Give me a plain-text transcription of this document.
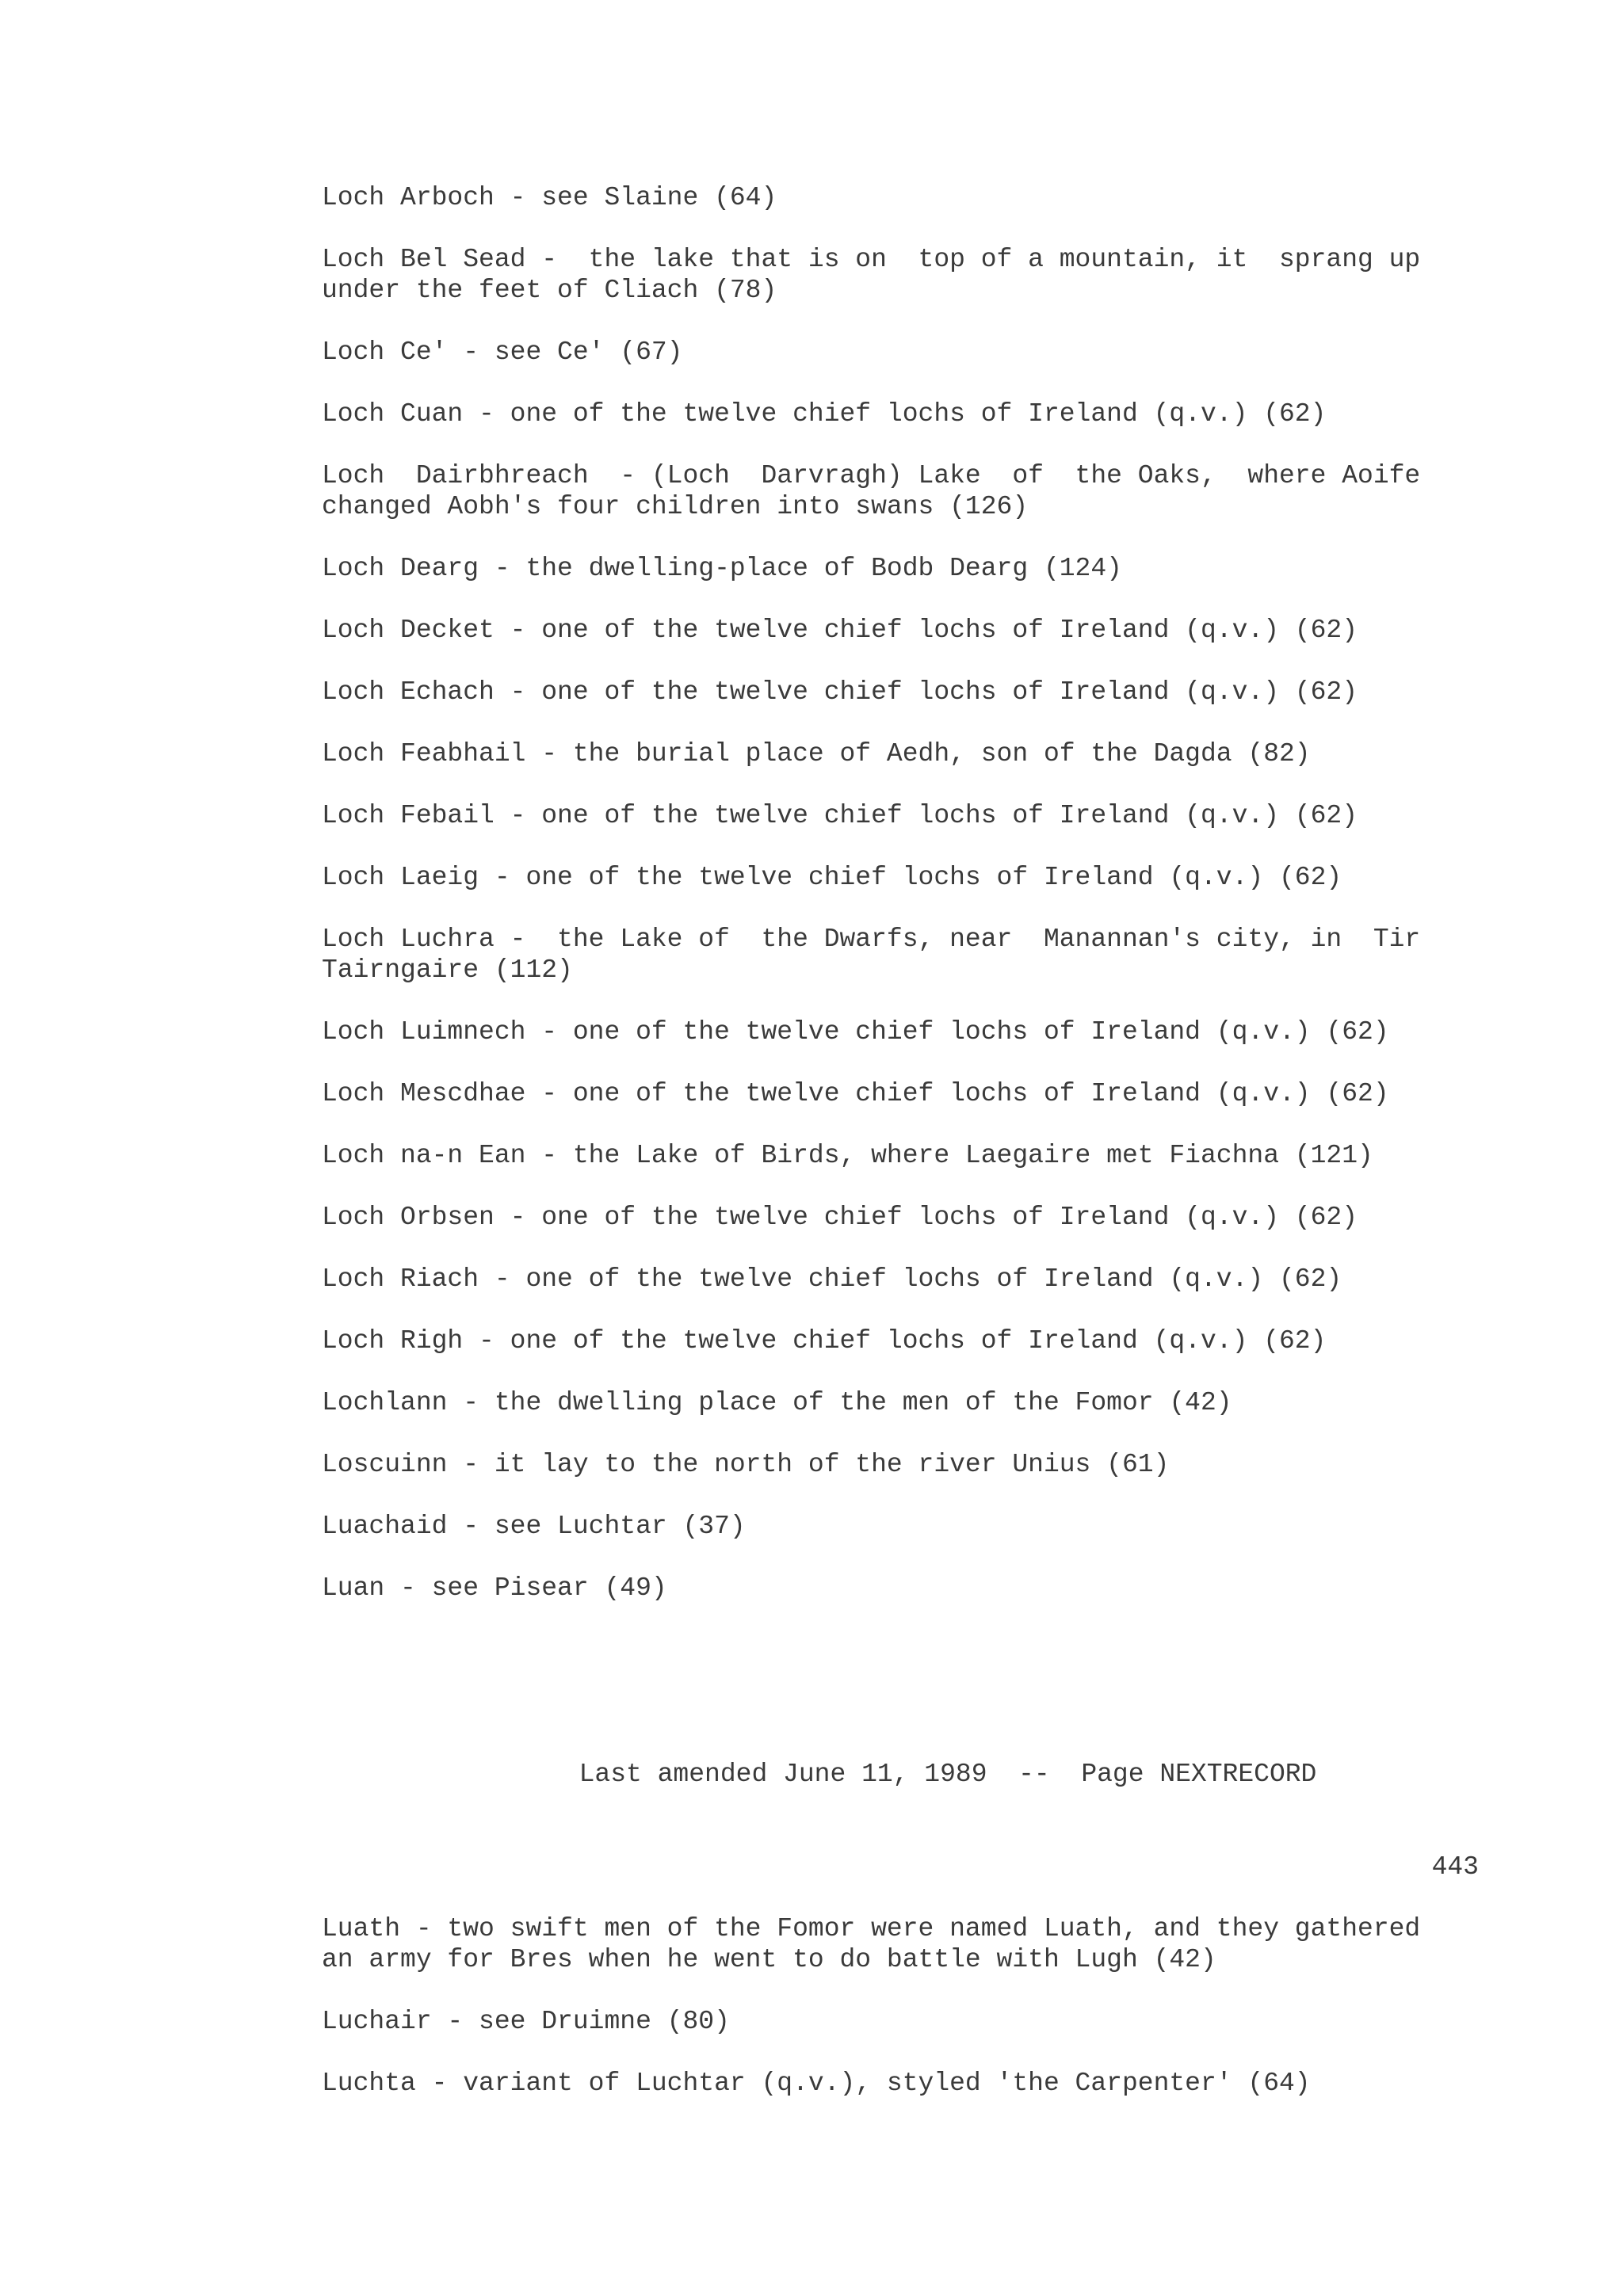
Loch Arboch - see Slaine (64)
Loch Bel Sead -  the lake that is on  top of a mountain, it  sprang up
under the feet of Cliach (78)
Loch Ce' - see Ce' (67)
Loch Cuan - one of the twelve chief lochs of Ireland (q.v.) (62)
Loch  Dairbhreach  - (Loch  Darvragh) Lake  of  the Oaks,  where Aoife
changed Aobh's four children into swans (126)
Loch Dearg - the dwelling-place of Bodb Dearg (124)
Loch Decket - one of the twelve chief lochs of Ireland (q.v.) (62)
Loch Echach - one of the twelve chief lochs of Ireland (q.v.) (62)
Loch Feabhail - the burial place of Aedh, son of the Dagda (82)
Loch Febail - one of the twelve chief lochs of Ireland (q.v.) (62)
Loch Laeig - one of the twelve chief lochs of Ireland (q.v.) (62)
Loch Luchra -  the Lake of  the Dwarfs, near  Manannan's city, in  Tir
Tairngaire (112)
Loch Luimnech - one of the twelve chief lochs of Ireland (q.v.) (62)
Loch Mescdhae - one of the twelve chief lochs of Ireland (q.v.) (62)
Loch na-n Ean - the Lake of Birds, where Laegaire met Fiachna (121)
Loch Orbsen - one of the twelve chief lochs of Ireland (q.v.) (62)
Loch Riach - one of the twelve chief lochs of Ireland (q.v.) (62)
Loch Righ - one of the twelve chief lochs of Ireland (q.v.) (62)
Lochlann - the dwelling place of the men of the Fomor (42)
Loscuinn - it lay to the north of the river Unius (61)
Luachaid - see Luchtar (37)
Luan - see Pisear (49)
Last amended June 11, 1989  --  Page NEXTRECORD
443
Luath - two swift men of the Fomor were named Luath, and they gathered
an army for Bres when he went to do battle with Lugh (42)
Luchair - see Druimne (80)
Luchta - variant of Luchtar (q.v.), styled 'the Carpenter' (64)
